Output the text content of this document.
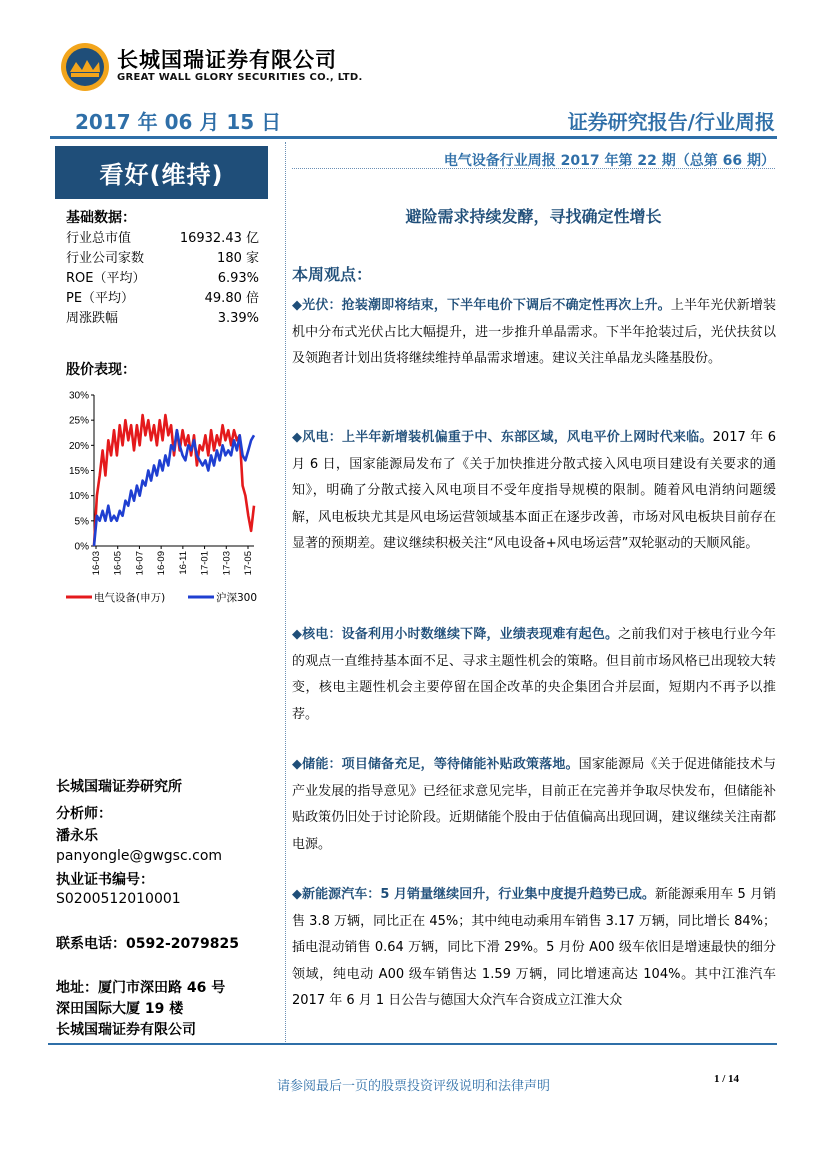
长城国瑞证券有限公司
GREAT WALL GLORY SECURITIES CO., LTD.
2017 年 06 月 15 日	证券研究报告/行业周报
看好(维持)
基础数据：
行业总市值	16932.43 亿
行业公司家数	180 家
ROE（平均）	6.93%
PE（平均）	49.80 倍
周涨跌幅	3.39%
股价表现：
0%
5%
10%
15%
20%
25%
30%
16-03 16-05 16-07 16-09 16-11 17-01 17-03 17-05
电气设备(申万)	沪深300
长城国瑞证券研究所
分析师：
潘永乐
panyongle@gwgsc.com
执业证书编号：
S0200512010001
联系电话：0592-2079825
地址：厦门市深田路 46 号
深田国际大厦 19 楼
长城国瑞证券有限公司
电气设备行业周报 2017 年第 22 期（总第 66 期）
避险需求持续发酵，寻找确定性增长
本周观点：
◆光伏：抢装潮即将结束，下半年电价下调后不确定性再次上升。上半年光伏新增装机中分布式光伏占比大幅提升，进一步推升单晶需求。下半年抢装过后，光伏扶贫以及领跑者计划出货将继续维持单晶需求增速。建议关注单晶龙头隆基股份。
◆风电：上半年新增装机偏重于中、东部区域，风电平价上网时代来临。2017 年 6 月 6 日，国家能源局发布了《关于加快推进分散式接入风电项目建设有关要求的通知》，明确了分散式接入风电项目不受年度指导规模的限制。随着风电消纳问题缓解，风电板块尤其是风电场运营领域基本面正在逐步改善，市场对风电板块目前存在显著的预期差。建议继续积极关注“风电设备+风电场运营”双轮驱动的天顺风能。
◆核电：设备利用小时数继续下降，业绩表现难有起色。之前我们对于核电行业今年的观点一直维持基本面不足、寻求主题性机会的策略。但目前市场风格已出现较大转变，核电主题性机会主要停留在国企改革的央企集团合并层面，短期内不再予以推荐。
◆储能：项目储备充足，等待储能补贴政策落地。国家能源局《关于促进储能技术与产业发展的指导意见》已经征求意见完毕，目前正在完善并争取尽快发布，但储能补贴政策仍旧处于讨论阶段。近期储能个股由于估值偏高出现回调，建议继续关注南都电源。
◆新能源汽车：5 月销量继续回升，行业集中度提升趋势已成。新能源乘用车 5 月销售 3.8 万辆，同比正在 45%；其中纯电动乘用车销售 3.17 万辆，同比增长 84%；插电混动销售 0.64 万辆，同比下滑 29%。5 月份 A00 级车依旧是增速最快的细分领域，纯电动 A00 级车销售达 1.59 万辆，同比增速高达 104%。其中江淮汽车 2017 年 6 月 1 日公告与德国大众汽车合资成立江淮大众
请参阅最后一页的股票投资评级说明和法律声明	1 / 14
